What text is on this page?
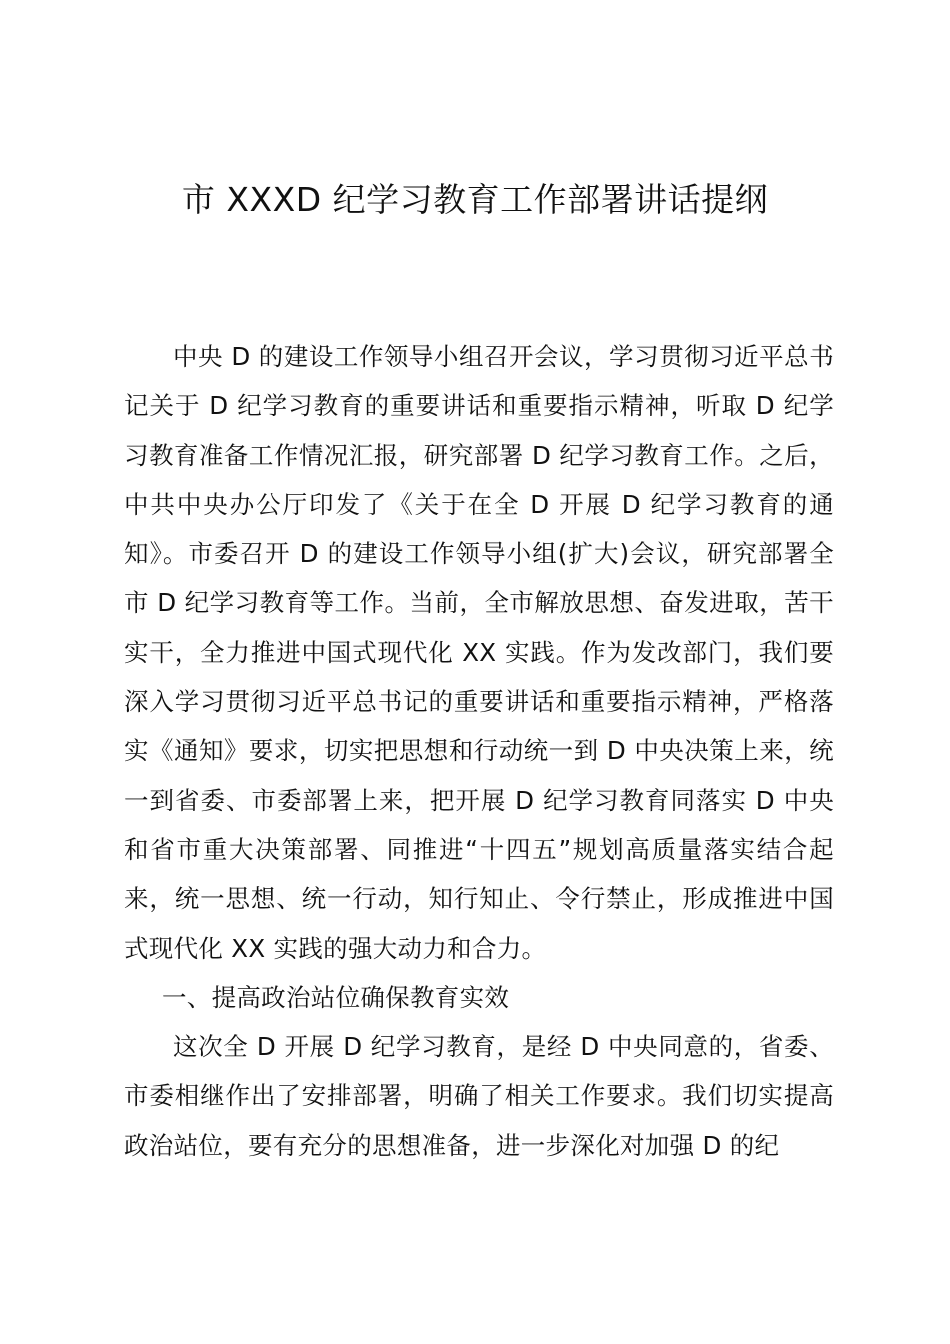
市 XXXD 纪学习教育工作部署讲话提纲

中央 D 的建设工作领导小组召开会议，学习贯彻习近平总书记关于 D 纪学习教育的重要讲话和重要指示精神，听取 D 纪学习教育准备工作情况汇报，研究部署 D 纪学习教育工作。之后，中共中央办公厅印发了《关于在全 D 开展 D 纪学习教育的通知》。市委召开 D 的建设工作领导小组(扩大)会议，研究部署全市 D 纪学习教育等工作。当前，全市解放思想、奋发进取，苦干实干，全力推进中国式现代化 XX 实践。作为发改部门，我们要深入学习贯彻习近平总书记的重要讲话和重要指示精神，严格落实《通知》要求，切实把思想和行动统一到 D 中央决策上来，统一到省委、市委部署上来，把开展 D 纪学习教育同落实 D 中央和省市重大决策部署、同推进“十四五”规划高质量落实结合起来，统一思想、统一行动，知行知止、令行禁止，形成推进中国式现代化 XX 实践的强大动力和合力。

一、提高政治站位确保教育实效

这次全 D 开展 D 纪学习教育，是经 D 中央同意的，省委、市委相继作出了安排部署，明确了相关工作要求。我们切实提高政治站位，要有充分的思想准备，进一步深化对加强 D 的纪
